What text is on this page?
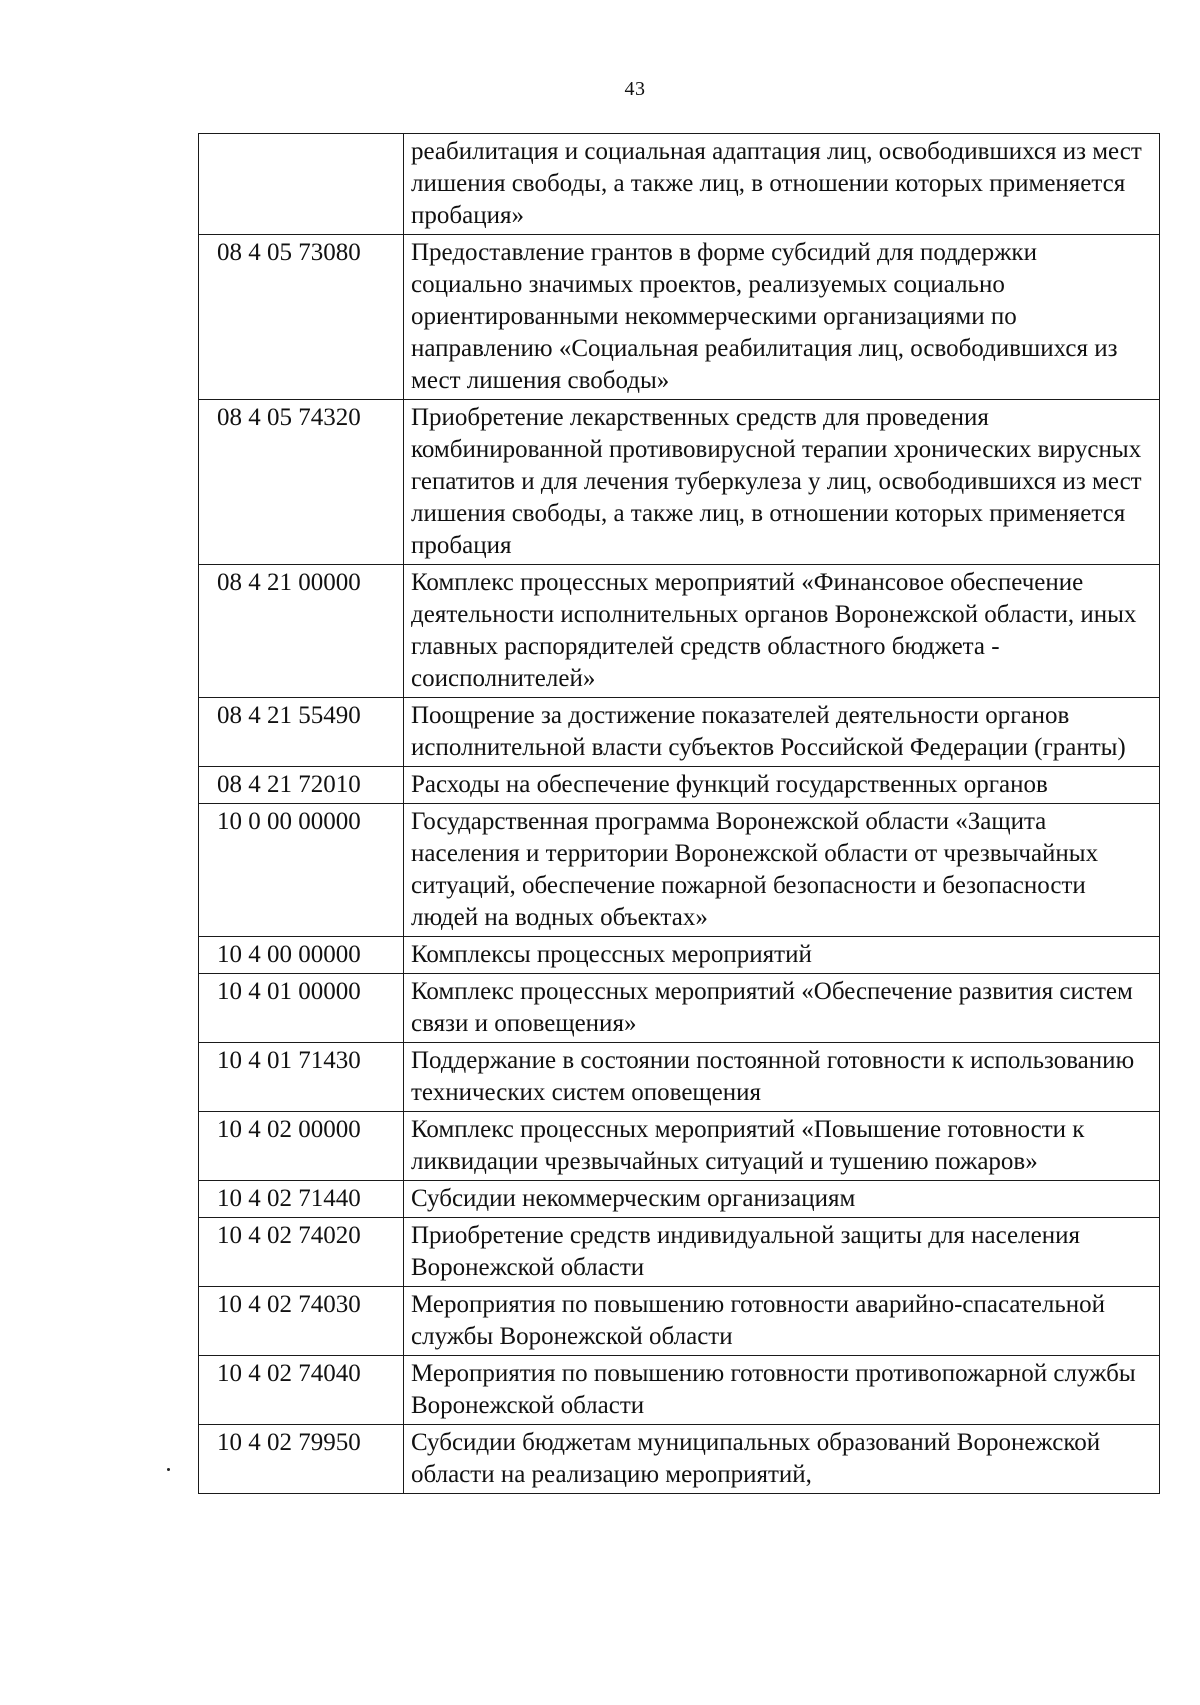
43
	реабилитация и социальная адаптация лиц, освободившихся из мест лишения свободы, а также лиц, в отношении которых применяется пробация»
08 4 05 73080	Предоставление грантов в форме субсидий для поддержки социально значимых проектов, реализуемых социально ориентированными некоммерческими организациями по направлению «Социальная реабилитация лиц, освободившихся из мест лишения свободы»
08 4 05 74320	Приобретение лекарственных средств для проведения комбинированной противовирусной терапии хронических вирусных гепатитов и для лечения туберкулеза у лиц, освободившихся из мест лишения свободы, а также лиц, в отношении которых применяется пробация
08 4 21 00000	Комплекс процессных мероприятий «Финансовое обеспечение деятельности исполнительных органов Воронежской области, иных главных распорядителей средств областного бюджета - соисполнителей»
08 4 21 55490	Поощрение за достижение показателей деятельности органов исполнительной власти субъектов Российской Федерации (гранты)
08 4 21 72010	Расходы на обеспечение функций государственных органов
10 0 00 00000	Государственная программа Воронежской области «Защита населения и территории Воронежской области от чрезвычайных ситуаций, обеспечение пожарной безопасности и безопасности людей на водных объектах»
10 4 00 00000	Комплексы процессных мероприятий
10 4 01 00000	Комплекс процессных мероприятий «Обеспечение развития систем связи и оповещения»
10 4 01 71430	Поддержание в состоянии постоянной готовности к использованию технических систем оповещения
10 4 02 00000	Комплекс процессных мероприятий «Повышение готовности к ликвидации чрезвычайных ситуаций и тушению пожаров»
10 4 02 71440	Субсидии некоммерческим организациям
10 4 02 74020	Приобретение средств индивидуальной защиты для населения Воронежской области
10 4 02 74030	Мероприятия по повышению готовности аварийно-спасательной службы Воронежской области
10 4 02 74040	Мероприятия по повышению готовности противопожарной службы Воронежской области
10 4 02 79950	Субсидии бюджетам муниципальных образований Воронежской области на реализацию мероприятий,
